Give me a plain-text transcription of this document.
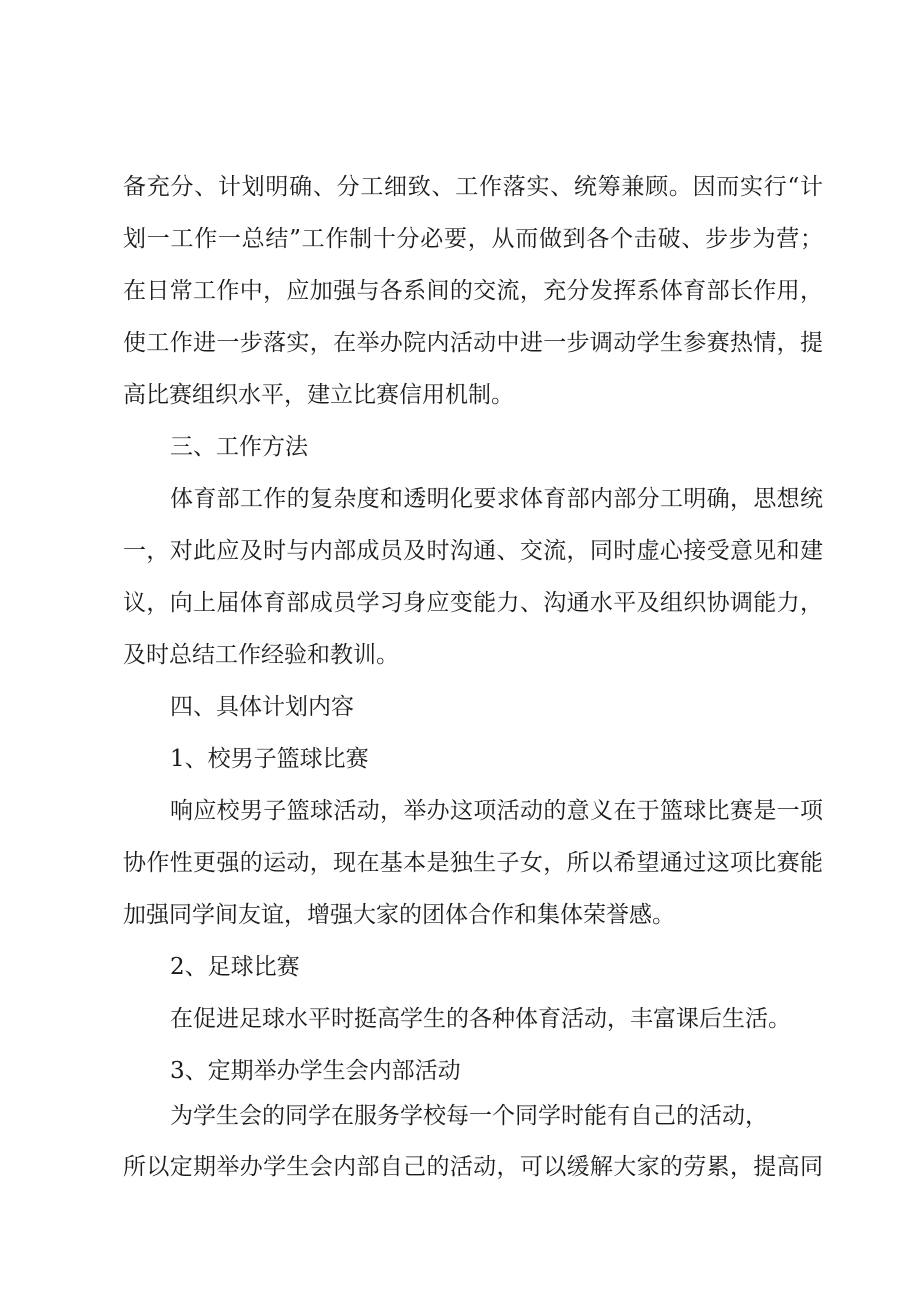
备充分、计划明确、分工细致、工作落实、统筹兼顾。因而实行“计
划一工作一总结”工作制十分必要，从而做到各个击破、步步为营；
在日常工作中，应加强与各系间的交流，充分发挥系体育部长作用，
使工作进一步落实，在举办院内活动中进一步调动学生参赛热情，提
高比赛组织水平，建立比赛信用机制。
三、工作方法
体育部工作的复杂度和透明化要求体育部内部分工明确，思想统
一，对此应及时与内部成员及时沟通、交流，同时虚心接受意见和建
议，向上届体育部成员学习身应变能力、沟通水平及组织协调能力，
及时总结工作经验和教训。
四、具体计划内容
1、校男子篮球比赛
响应校男子篮球活动，举办这项活动的意义在于篮球比赛是一项
协作性更强的运动，现在基本是独生子女，所以希望通过这项比赛能
加强同学间友谊，增强大家的团体合作和集体荣誉感。
2、足球比赛
在促进足球水平时挺高学生的各种体育活动，丰富课后生活。
3、定期举办学生会内部活动
为学生会的同学在服务学校每一个同学时能有自己的活动，
所以定期举办学生会内部自己的活动，可以缓解大家的劳累，提高同
